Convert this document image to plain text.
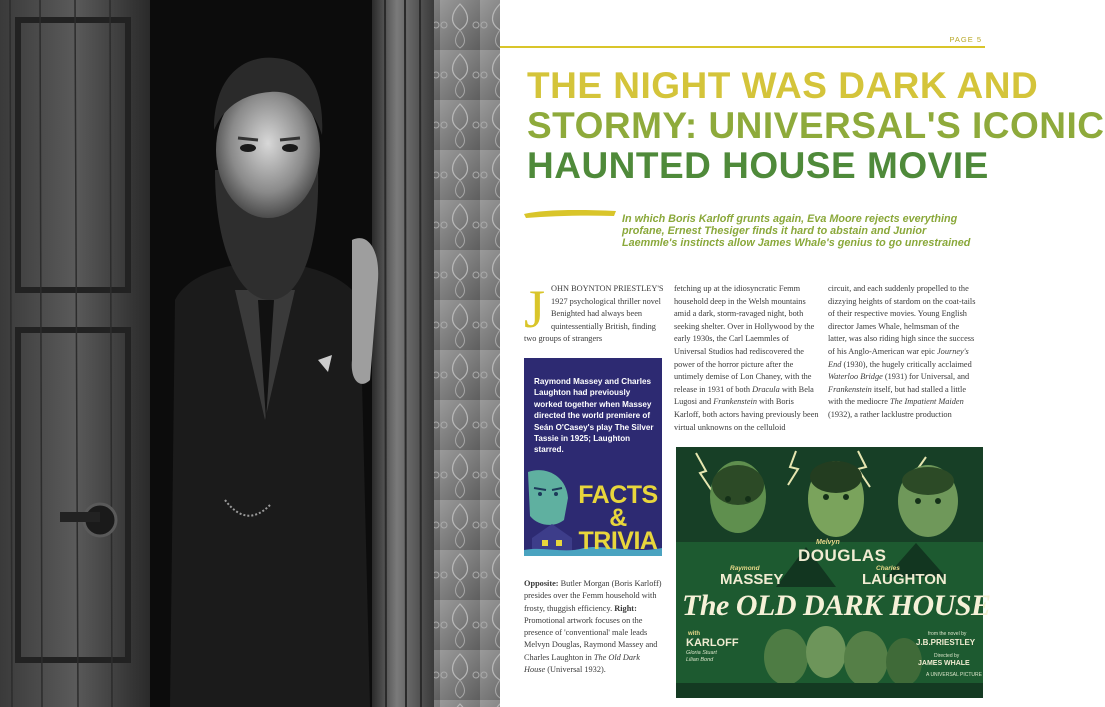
PAGE 5
THE NIGHT WAS DARK AND
STORMY: UNIVERSAL'S ICONIC
HAUNTED HOUSE MOVIE

In which Boris Karloff grunts again, Eva Moore rejects everything profane, Ernest Thesiger finds it hard to abstain and Junior Laemmle's instincts allow James Whale's genius to go unrestrained

J OHN BOYNTON PRIESTLEY'S 1927 psychological thriller novel Benighted had always been quintessentially British, finding two groups of strangers

Raymond Massey and Charles Laughton had previously worked together when Massey directed the world premiere of Seán O'Casey's play The Silver Tassie in 1925; Laughton starred.

FACTS &
TRIVIA

Opposite: Butler Morgan (Boris Karloff) presides over the Femm household with frosty, thuggish efficiency. Right: Promotional artwork focuses on the presence of 'conventional' male leads Melvyn Douglas, Raymond Massey and Charles Laughton in The Old Dark House (Universal 1932).

fetching up at the idiosyncratic Femm household deep in the Welsh mountains amid a dark, storm-ravaged night, both seeking shelter. Over in Hollywood by the early 1930s, the Carl Laemmles of Universal Studios had rediscovered the power of the horror picture after the untimely demise of Lon Chaney, with the release in 1931 of both Dracula with Bela Lugosi and Frankenstein with Boris Karloff, both actors having previously been virtual unknowns on the celluloid

circuit, and each suddenly propelled to the dizzying heights of stardom on the coat-tails of their respective movies. Young English director James Whale, helmsman of the latter, was also riding high since the success of his Anglo-American war epic Journey's End (1930), the hugely critically acclaimed Waterloo Bridge (1931) for Universal, and Frankenstein itself, but had stalled a little with the mediocre The Impatient Maiden (1932), a rather lacklustre production

Melvyn
DOUGLAS
Raymond
MASSEY
Charles
LAUGHTON
The OLD DARK HOUSE
with
KARLOFF
Gloria Stuart
Lilian Bond
from the novel by
J.B.PRIESTLEY
Directed by
JAMES WHALE
A UNIVERSAL PICTURE
